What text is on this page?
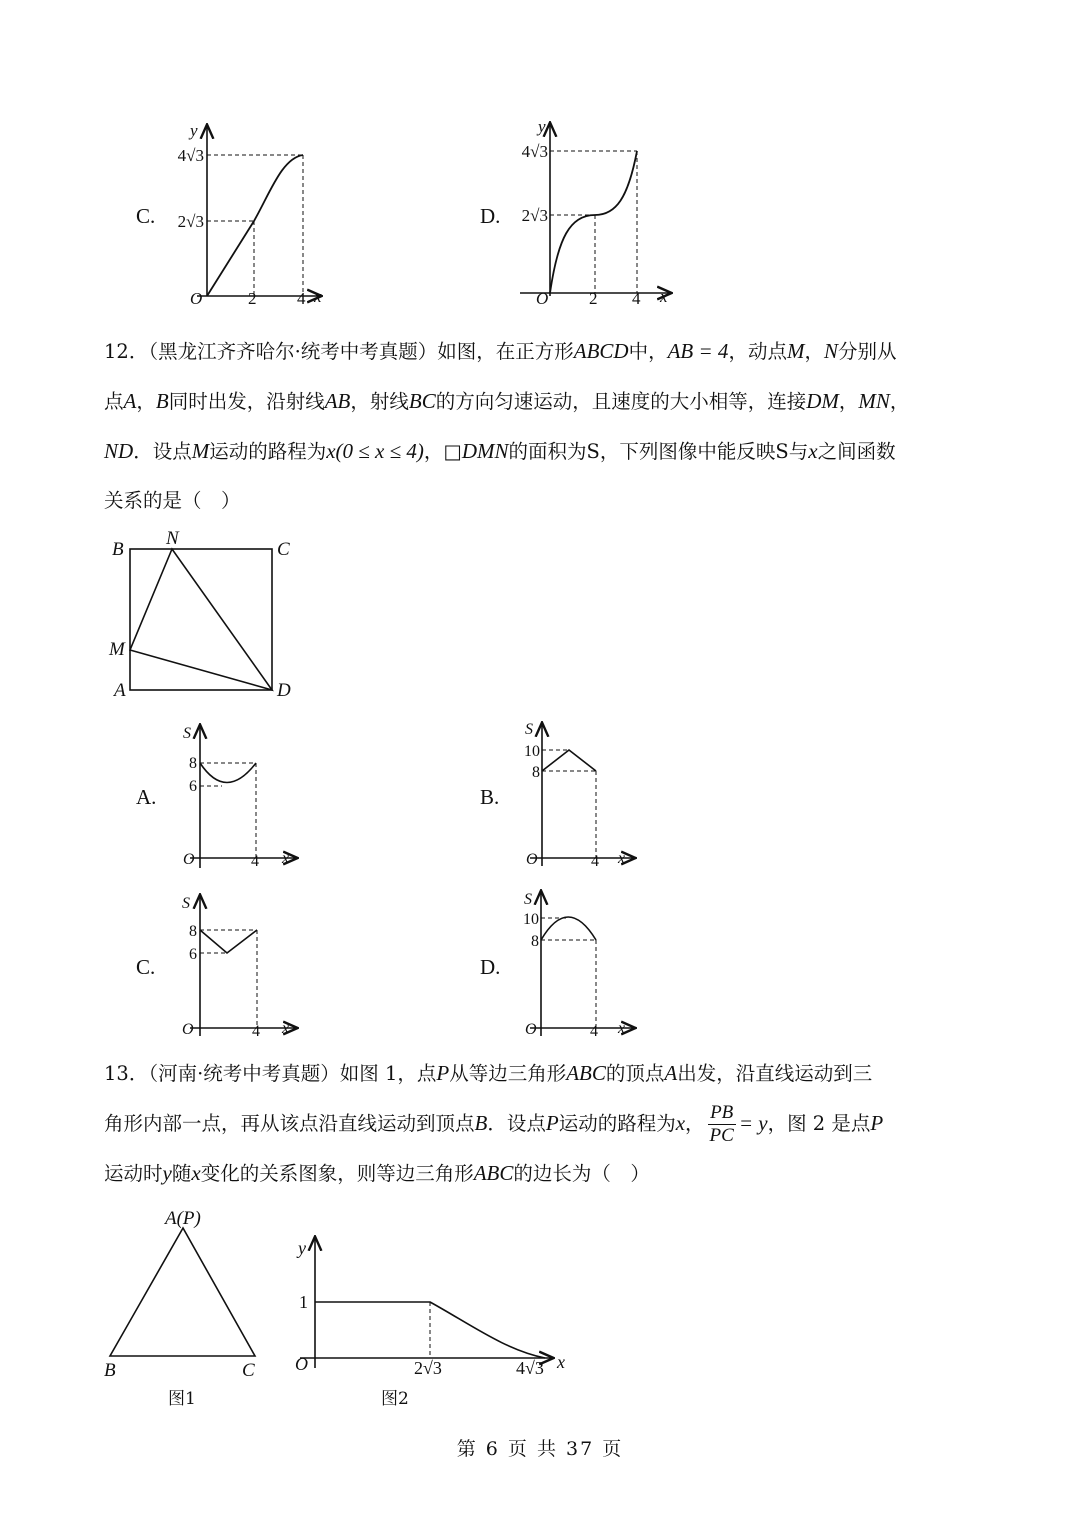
C.
y
x
O	2 4
2√3
4√3
D.
y
x
O 2 4
2√3
4√3
12．（黑龙江齐齐哈尔·统考中考真题）如图，在正方形ABCD中，AB = 4，动点M，N分别从
点A，B同时出发，沿射线AB，射线BC的方向匀速运动，且速度的大小相等，连接DM，MN，
ND．设点M运动的路程为x(0 ≤ x ≤ 4)，□DMN的面积为S，下列图像中能反映S与x之间函数
关系的是（　）
B
N
C
M
A	D
A.
S
x
O	4
8
6	B.
S
x
O	4
10
8
C.
S
x
O	4
8
6
D.
S
x
O	4
10
8
13．（河南·统考中考真题）如图 1，点P从等边三角形ABC的顶点A出发，沿直线运动到三
角形内部一点，再从该点沿直线运动到顶点B．设点P运动的路程为x， $\frac{PB}{PC} = y$，图 2 是点P
运动时y随x变化的关系图象，则等边三角形ABC的边长为（　）
A(P)
B	C
图1
y
x
O
1
2√3	4√3
图2
第 6 页 共 37 页
